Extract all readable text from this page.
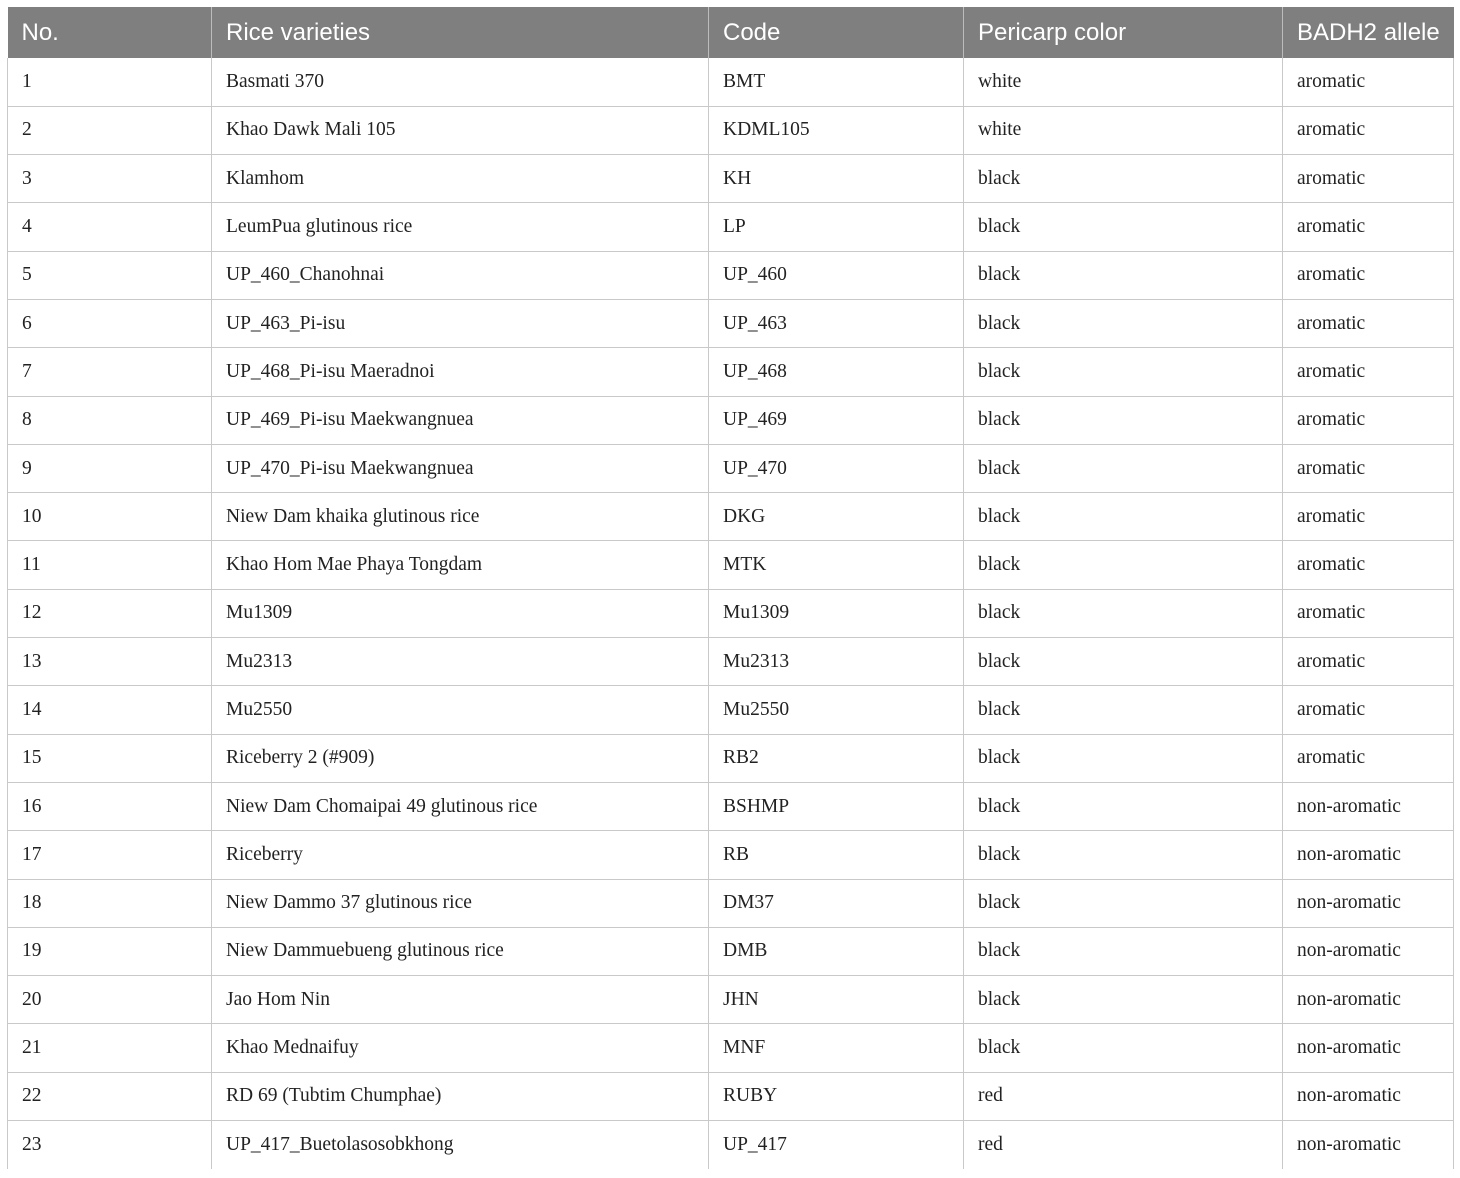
No.	Rice varieties	Code	Pericarp color	BADH2 allele
1	Basmati 370	BMT	white	aromatic
2	Khao Dawk Mali 105	KDML105	white	aromatic
3	Klamhom	KH	black	aromatic
4	LeumPua glutinous rice	LP	black	aromatic
5	UP_460_Chanohnai	UP_460	black	aromatic
6	UP_463_Pi-isu	UP_463	black	aromatic
7	UP_468_Pi-isu Maeradnoi	UP_468	black	aromatic
8	UP_469_Pi-isu Maekwangnuea	UP_469	black	aromatic
9	UP_470_Pi-isu Maekwangnuea	UP_470	black	aromatic
10	Niew Dam khaika glutinous rice	DKG	black	aromatic
11	Khao Hom Mae Phaya Tongdam	MTK	black	aromatic
12	Mu1309	Mu1309	black	aromatic
13	Mu2313	Mu2313	black	aromatic
14	Mu2550	Mu2550	black	aromatic
15	Riceberry 2 (#909)	RB2	black	aromatic
16	Niew Dam Chomaipai 49 glutinous rice	BSHMP	black	non-aromatic
17	Riceberry	RB	black	non-aromatic
18	Niew Dammo 37 glutinous rice	DM37	black	non-aromatic
19	Niew Dammuebueng glutinous rice	DMB	black	non-aromatic
20	Jao Hom Nin	JHN	black	non-aromatic
21	Khao Mednaifuy	MNF	black	non-aromatic
22	RD 69 (Tubtim Chumphae)	RUBY	red	non-aromatic
23	UP_417_Buetolasosobkhong	UP_417	red	non-aromatic
